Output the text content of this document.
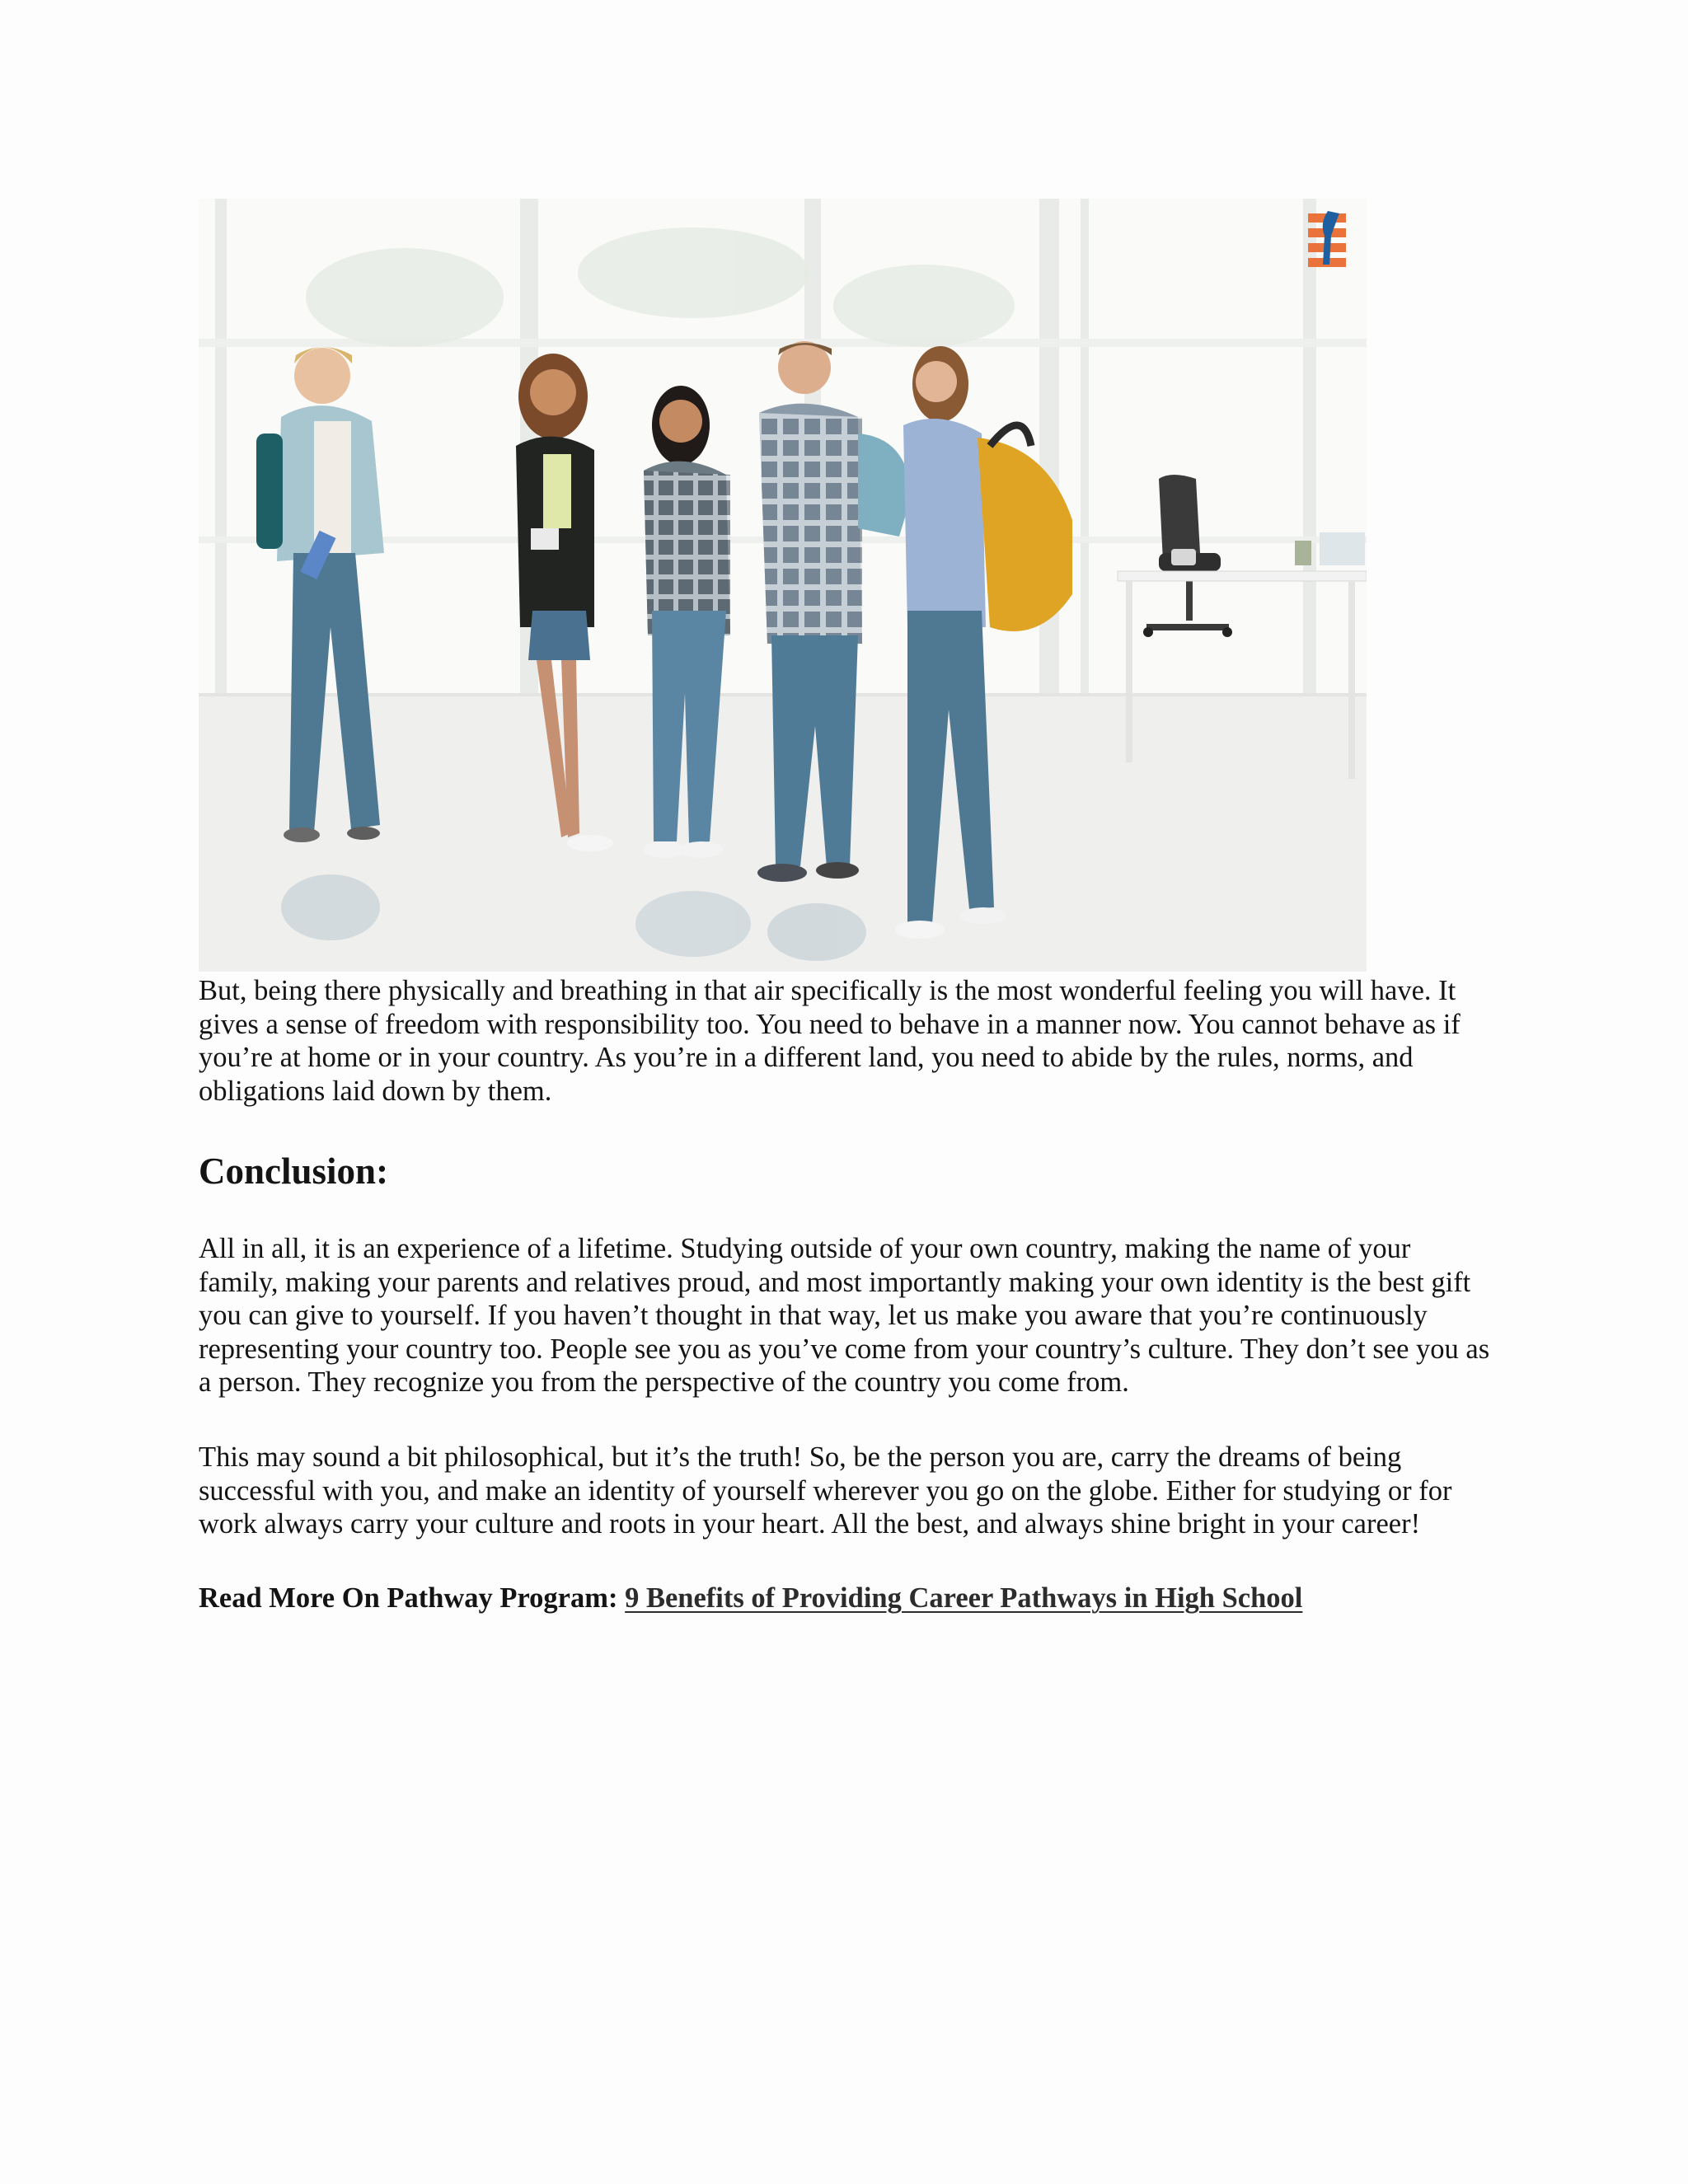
But, being there physically and breathing in that air specifically is the most wonderful feeling you will have. It gives a sense of freedom with responsibility too. You need to behave in a manner now. You cannot behave as if you’re at home or in your country. As you’re in a different land, you need to abide by the rules, norms, and obligations laid down by them.

Conclusion:

All in all, it is an experience of a lifetime. Studying outside of your own country, making the name of your family, making your parents and relatives proud, and most importantly making your own identity is the best gift you can give to yourself. If you haven’t thought in that way, let us make you aware that you’re continuously representing your country too. People see you as you’ve come from your country’s culture. They don’t see you as a person. They recognize you from the perspective of the country you come from.

This may sound a bit philosophical, but it’s the truth! So, be the person you are, carry the dreams of being successful with you, and make an identity of yourself wherever you go on the globe. Either for studying or for work always carry your culture and roots in your heart. All the best, and always shine bright in your career!

Read More On Pathway Program: 9 Benefits of Providing Career Pathways in High School
